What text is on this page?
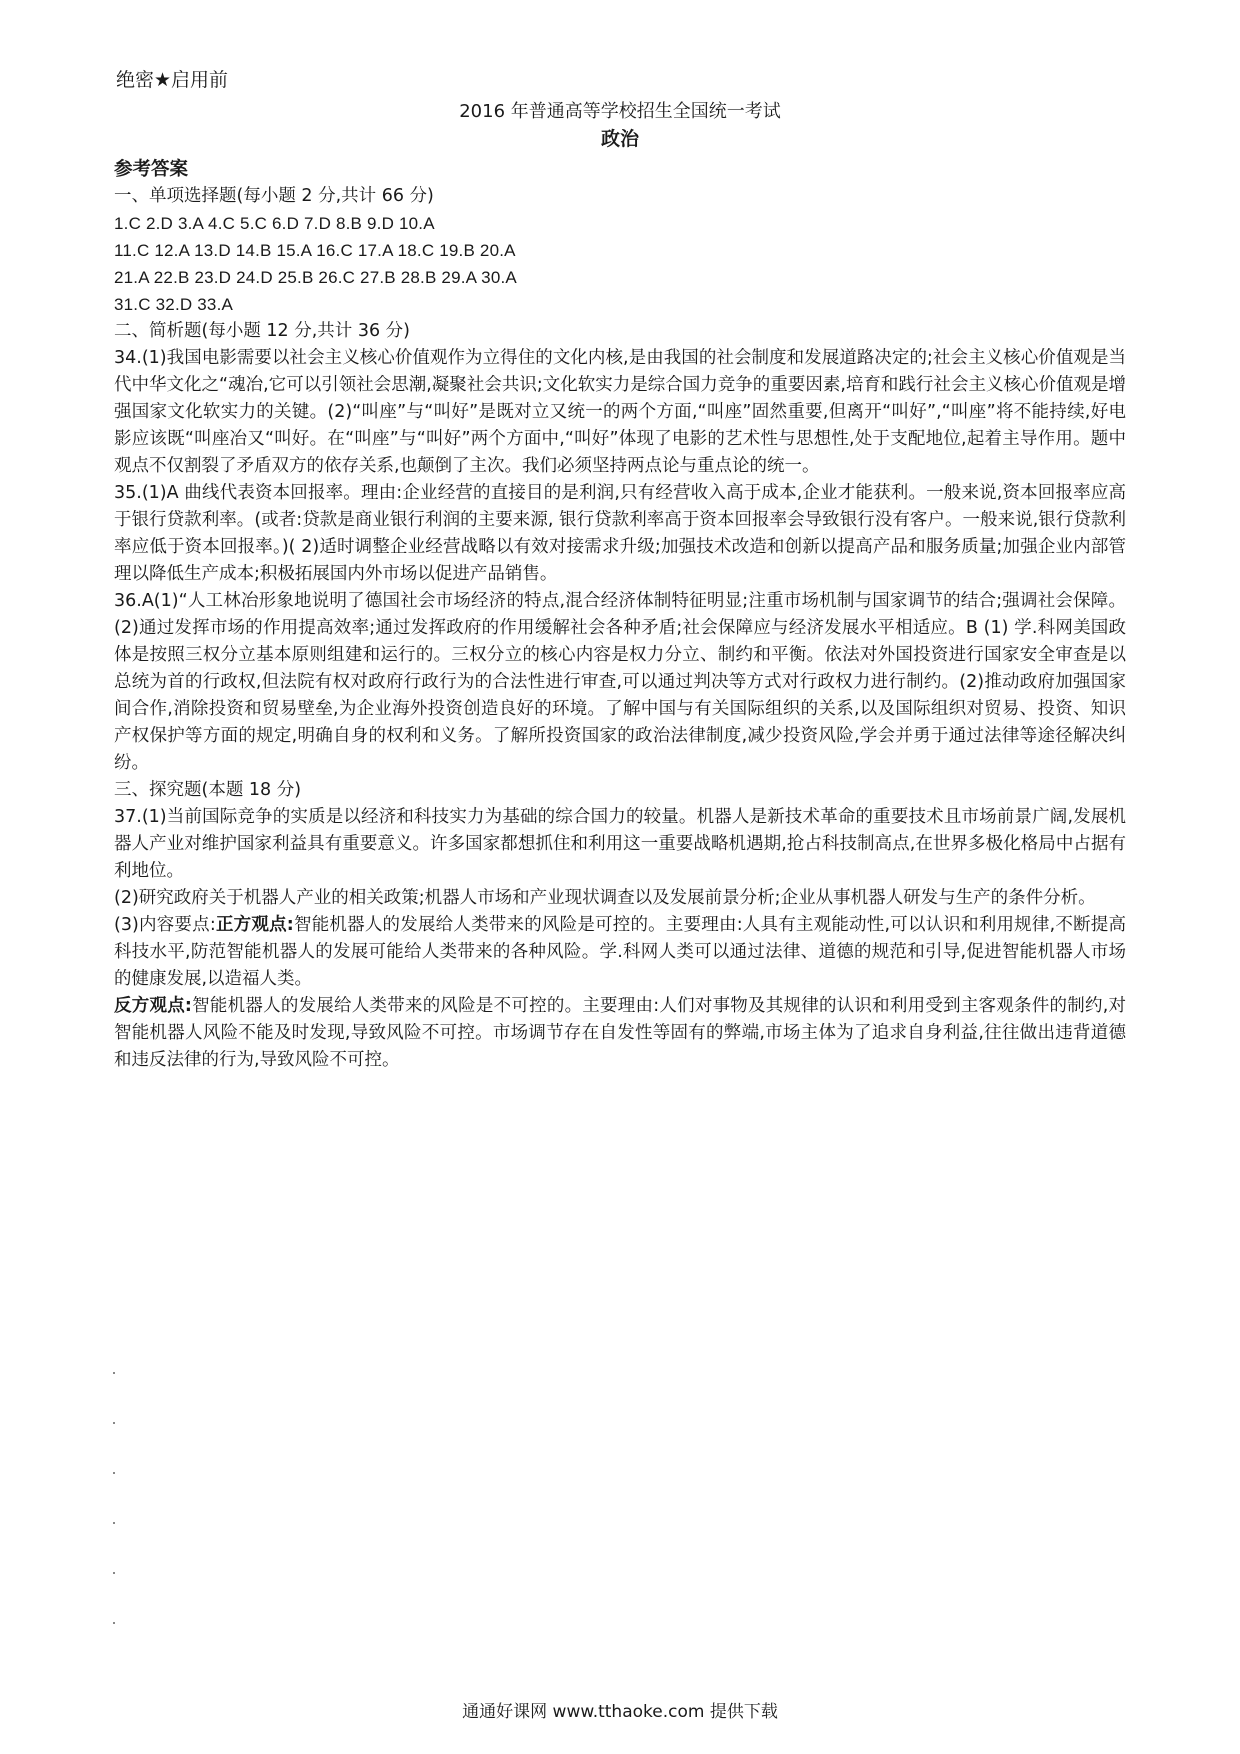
绝密★启用前
2016 年普通高等学校招生全国统一考试
政治

参考答案

一、单项选择题(每小题 2 分,共计 66 分)

1.C 2.D 3.A 4.C 5.C 6.D 7.D 8.B 9.D 10.A

11.C 12.A 13.D 14.B 15.A 16.C 17.A 18.C 19.B 20.A

21.A 22.B 23.D 24.D 25.B 26.C 27.B 28.B 29.A 30.A

31.C 32.D 33.A

二、简析题(每小题 12 分,共计 36 分)

34.(1)我国电影需要以社会主义核心价值观作为立得住的文化内核,是由我国的社会制度和发展道路决定的;社会主义核心价值观是当代中华文化之“魂冶,它可以引领社会思潮,凝聚社会共识;文化软实力是综合国力竞争的重要因素,培育和践行社会主义核心价值观是增强国家文化软实力的关键。(2)“叫座”与“叫好”是既对立又统一的两个方面,“叫座”固然重要,但离开“叫好”,“叫座”将不能持续,好电影应该既“叫座冶又“叫好。在“叫座”与“叫好”两个方面中,“叫好”体现了电影的艺术性与思想性,处于支配地位,起着主导作用。题中观点不仅割裂了矛盾双方的依存关系,也颠倒了主次。我们必须坚持两点论与重点论的统一。

35.(1)A 曲线代表资本回报率。理由:企业经营的直接目的是利润,只有经营收入高于成本,企业才能获利。一般来说,资本回报率应高于银行贷款利率。(或者:贷款是商业银行利润的主要来源, 银行贷款利率高于资本回报率会导致银行没有客户。一般来说,银行贷款利率应低于资本回报率。)( 2)适时调整企业经营战略以有效对接需求升级;加强技术改造和创新以提高产品和服务质量;加强企业内部管理以降低生产成本;积极拓展国内外市场以促进产品销售。

36.A(1)“人工林冶形象地说明了德国社会市场经济的特点,混合经济体制特征明显;注重市场机制与国家调节的结合;强调社会保障。(2)通过发挥市场的作用提高效率;通过发挥政府的作用缓解社会各种矛盾;社会保障应与经济发展水平相适应。B (1) 学.科网美国政体是按照三权分立基本原则组建和运行的。三权分立的核心内容是权力分立、制约和平衡。依法对外国投资进行国家安全审查是以总统为首的行政权,但法院有权对政府行政行为的合法性进行审查,可以通过判决等方式对行政权力进行制约。(2)推动政府加强国家间合作,消除投资和贸易壁垒,为企业海外投资创造良好的环境。了解中国与有关国际组织的关系,以及国际组织对贸易、投资、知识产权保护等方面的规定,明确自身的权利和义务。了解所投资国家的政治法律制度,减少投资风险,学会并勇于通过法律等途径解决纠纷。

三、探究题(本题 18 分)

37.(1)当前国际竞争的实质是以经济和科技实力为基础的综合国力的较量。机器人是新技术革命的重要技术且市场前景广阔,发展机器人产业对维护国家利益具有重要意义。许多国家都想抓住和利用这一重要战略机遇期,抢占科技制高点,在世界多极化格局中占据有利地位。

(2)研究政府关于机器人产业的相关政策;机器人市场和产业现状调查以及发展前景分析;企业从事机器人研发与生产的条件分析。

(3)内容要点:正方观点:智能机器人的发展给人类带来的风险是可控的。主要理由:人具有主观能动性,可以认识和利用规律,不断提高科技水平,防范智能机器人的发展可能给人类带来的各种风险。学.科网人类可以通过法律、道德的规范和引导,促进智能机器人市场的健康发展,以造福人类。

反方观点:智能机器人的发展给人类带来的风险是不可控的。主要理由:人们对事物及其规律的认识和利用受到主客观条件的制约,对智能机器人风险不能及时发现,导致风险不可控。市场调节存在自发性等固有的弊端,市场主体为了追求自身利益,往往做出违背道德和违反法律的行为,导致风险不可控。

通通好课网 www.tthaoke.com 提供下载
